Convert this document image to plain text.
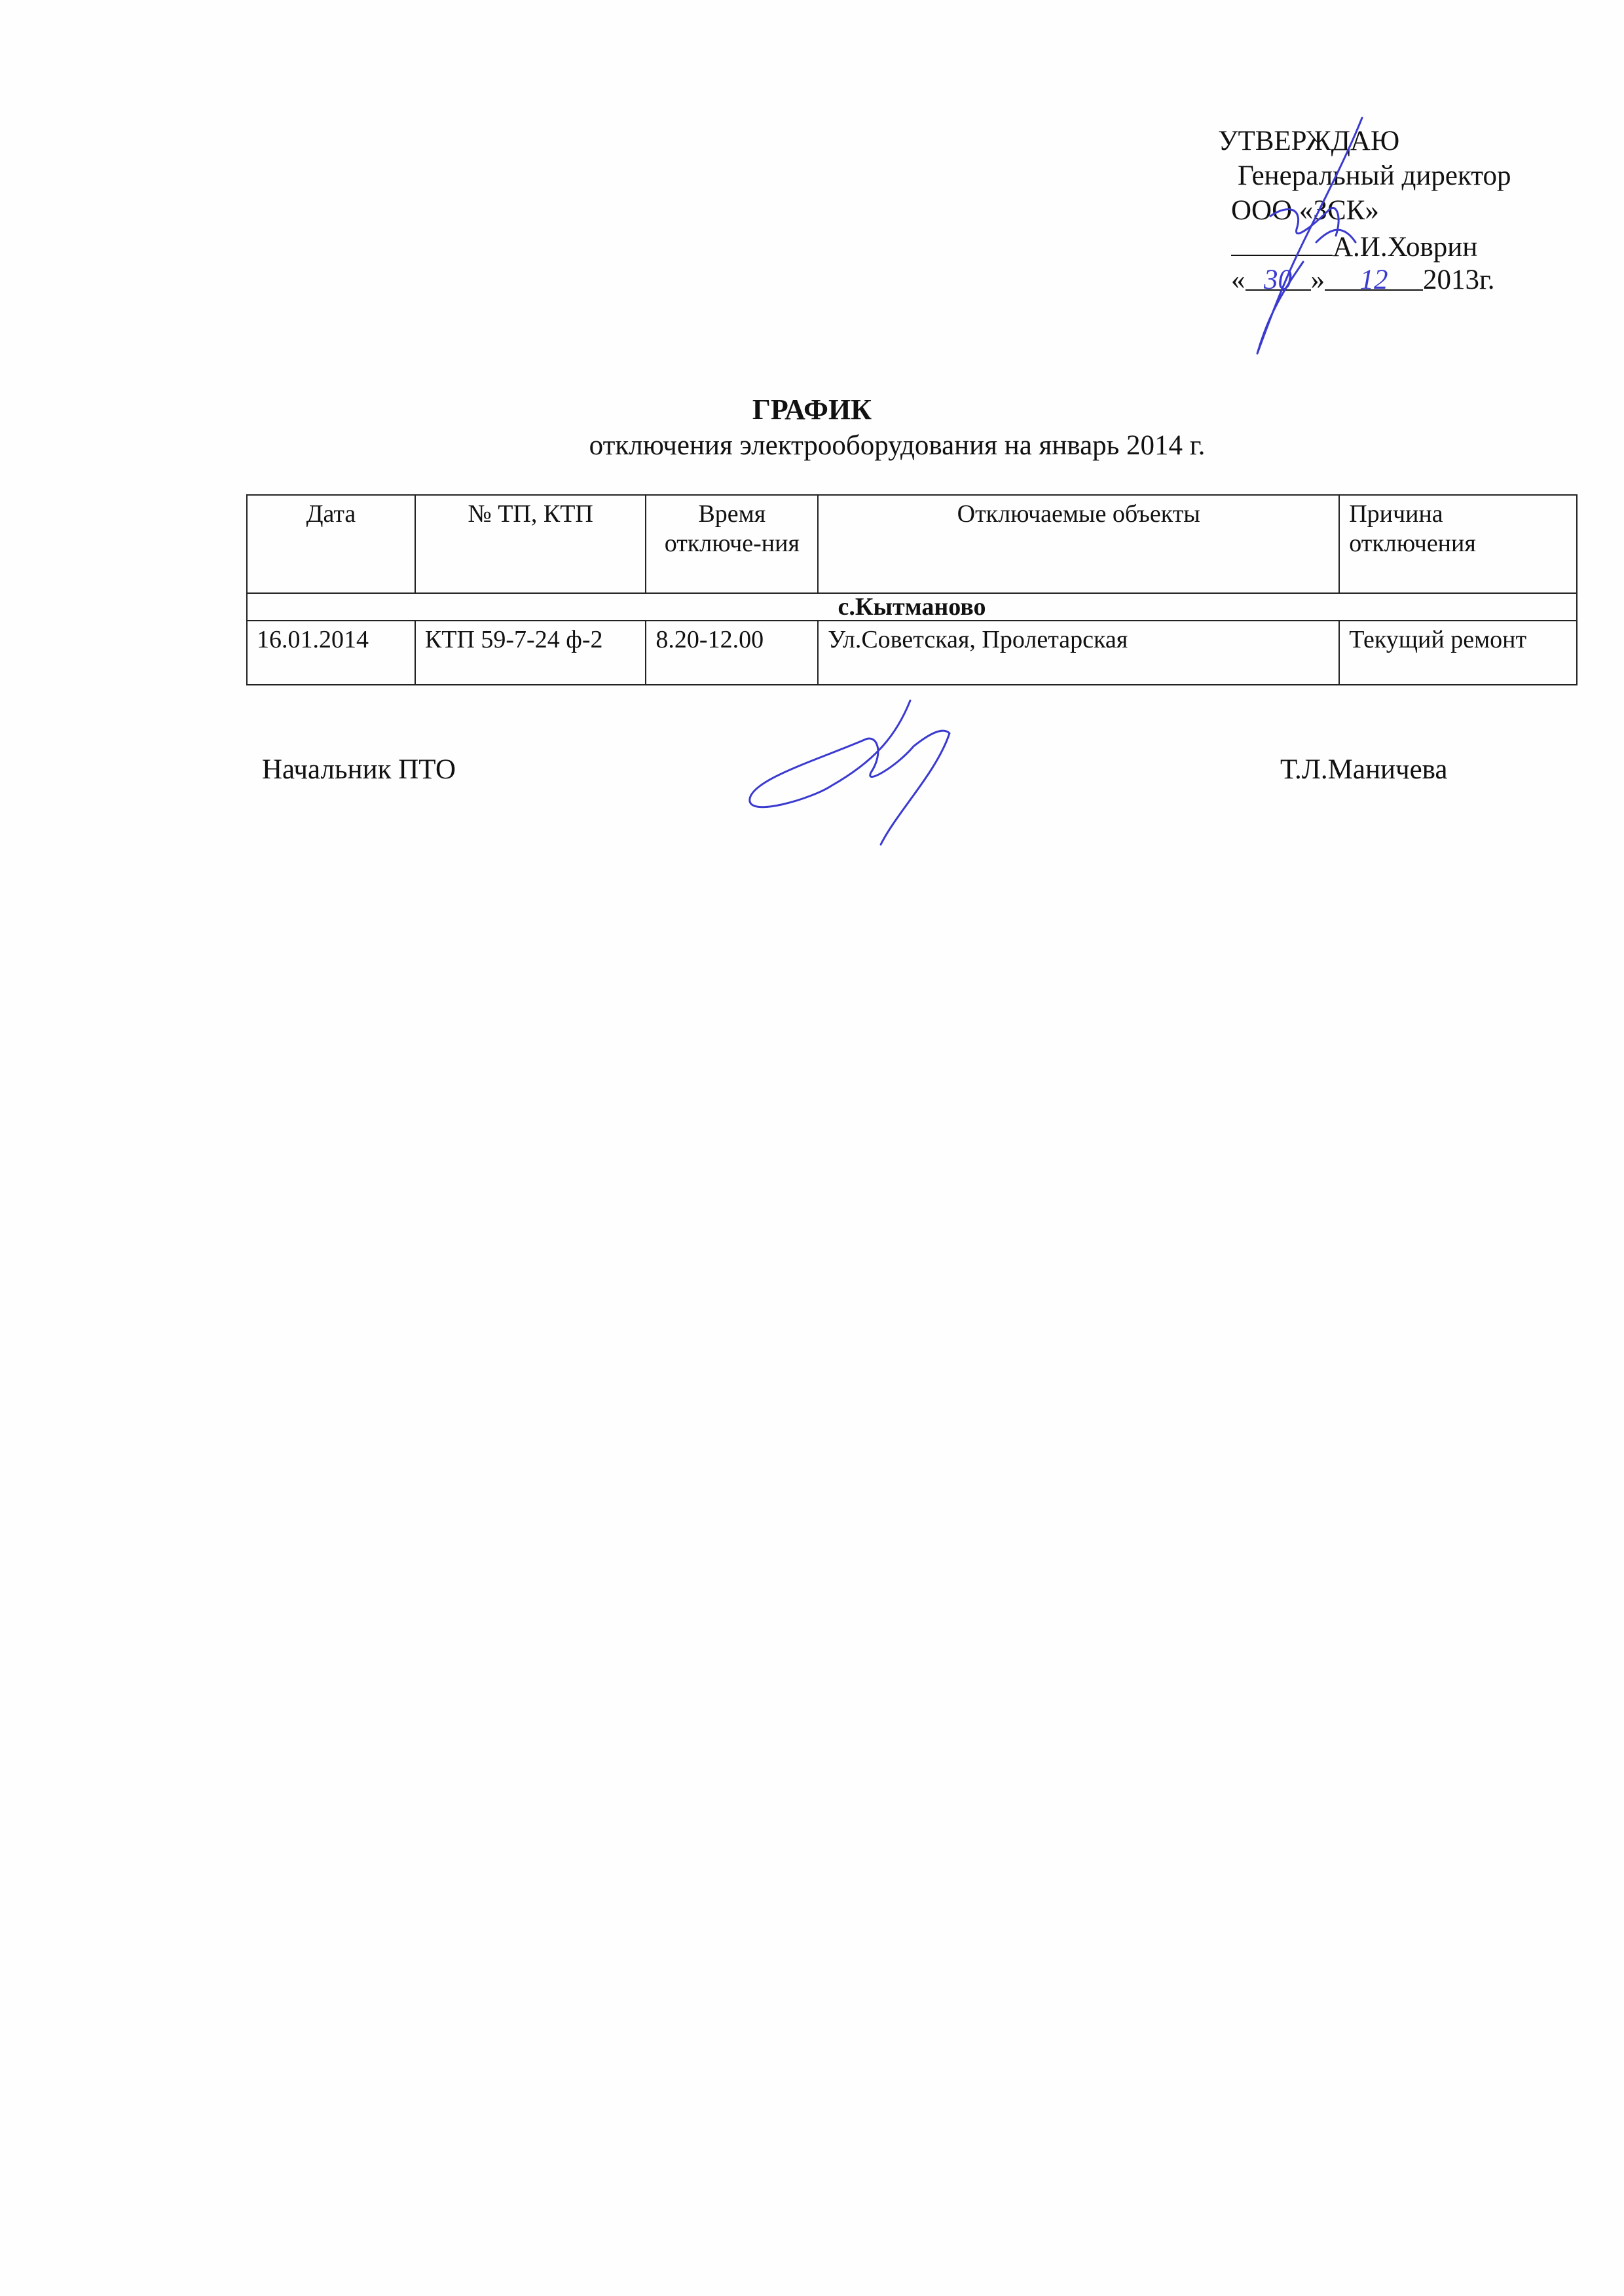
УТВЕРЖДАЮ
Генеральный директор
ООО «ЗСК»
А.И.Ховрин
« 30 » 12 2013г.
ГРАФИК
отключения электрооборудования на январь 2014 г.
Дата	№ ТП, КТП	Время отключе-ния	Отключаемые объекты	Причина отключения
с.Кытманово				
16.01.2014	КТП 59-7-24 ф-2	8.20-12.00	Ул.Советская, Пролетарская	Текущий ремонт
Начальник ПТО	Т.Л.Маничева
